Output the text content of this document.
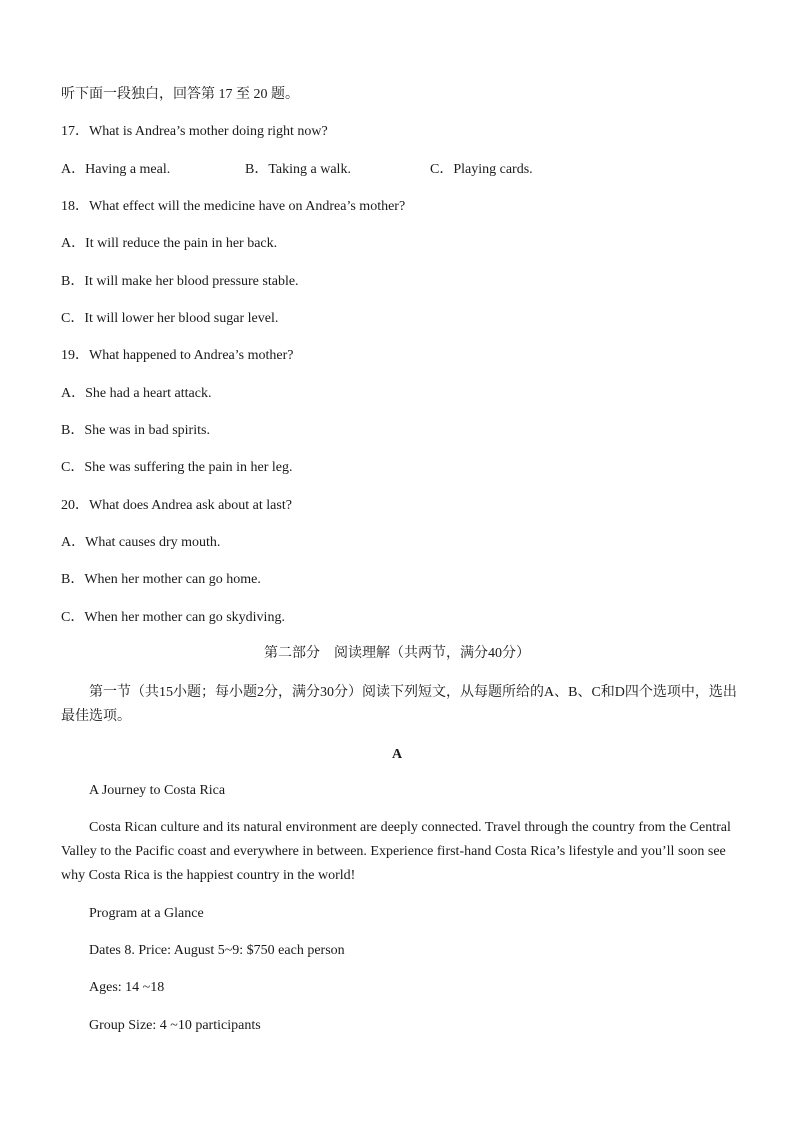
听下面一段独白，回答第 17 至 20 题。
17．What is Andrea’s mother doing right now?
A．Having a meal.	B．Taking a walk.	C．Playing cards.
18．What effect will the medicine have on Andrea’s mother?
A．It will reduce the pain in her back.
B．It will make her blood pressure stable.
C．It will lower her blood sugar level.
19．What happened to Andrea’s mother?
A．She had a heart attack.
B．She was in bad spirits.
C．She was suffering the pain in her leg.
20．What does Andrea ask about at last?
A．What causes dry mouth.
B．When her mother can go home.
C．When her mother can go skydiving.
第二部分　阅读理解（共两节，满分40分）
第一节（共15小题；每小题2分，满分30分）阅读下列短文，从每题所给的A、B、C和D四个选项中，选出最佳选项。
A
A Journey to Costa Rica
Costa Rican culture and its natural environment are deeply connected. Travel through the country from the Central Valley to the Pacific coast and everywhere in between. Experience first-hand Costa Rica’s lifestyle and you’ll soon see why Costa Rica is the happiest country in the world!
Program at a Glance
Dates 8. Price: August 5~9: $750 each person
Ages: 14 ~18
Group Size: 4 ~10 participants
